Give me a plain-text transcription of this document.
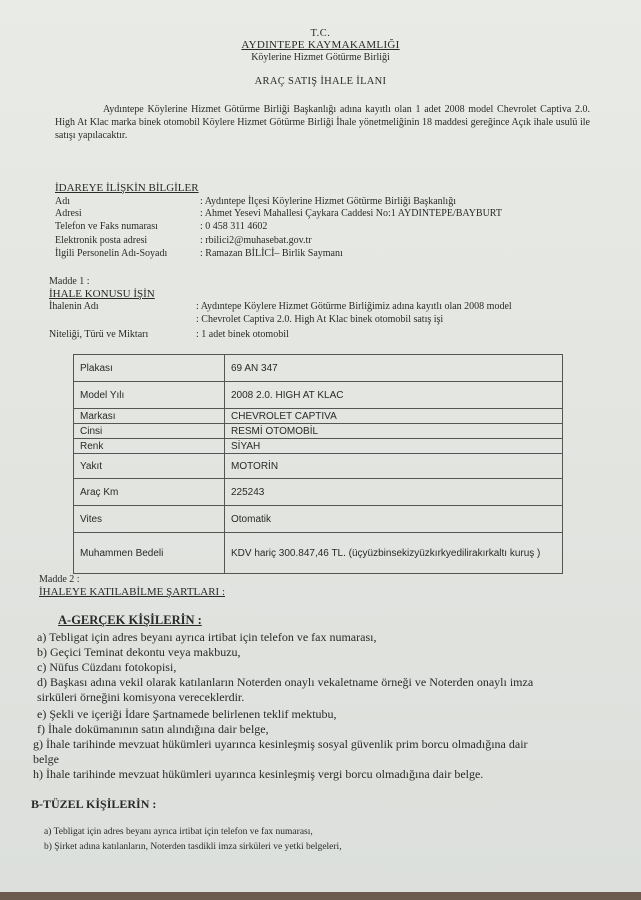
T.C.
AYDINTEPE KAYMAKAMLIĞI
Köylerine Hizmet Götürme Birliği
ARAÇ SATIŞ İHALE İLANI
Aydıntepe Köylerine Hizmet Götürme Birliği Başkanlığı adına kayıtlı olan 1 adet 2008 model Chevrolet Captiva 2.0. High At Klac marka binek otomobil Köylere Hizmet Götürme Birliği İhale yönetmeliğinin 18 maddesi gereğince Açık ihale usulü ile satışı yapılacaktır.
İDAREYE İLİŞKİN BİLGİLER
Adı	: Aydıntepe İlçesi Köylerine Hizmet Götürme Birliği Başkanlığı
Adresi	: Ahmet Yesevi Mahallesi Çaykara Caddesi No:1 AYDINTEPE/BAYBURT
Telefon ve Faks numarası	: 0 458 311 4602
Elektronik posta adresi	: rbilici2@muhasebat.gov.tr
İlgili Personelin Adı-Soyadı	: Ramazan BİLİCİ– Birlik Saymanı
Madde 1 :
İHALE KONUSU İŞİN
İhalenin Adı	: Aydıntepe Köylere Hizmet Götürme Birliğimiz adına kayıtlı olan 2008 model
: Chevrolet Captiva 2.0. High At Klac binek otomobil satış işi
Niteliği, Türü ve Miktarı	: 1 adet binek otomobil
Plakası	69 AN 347
Model Yılı	2008 2.0. HIGH AT KLAC
Markası	CHEVROLET CAPTIVA
Cinsi	RESMİ OTOMOBİL
Renk	SİYAH
Yakıt	MOTORİN
Araç Km	225243
Vites	Otomatik
Muhammen Bedeli	KDV hariç 300.847,46 TL. (üçyüzbinsekizyüzkırkyedilirakırkaltı kuruş )
Madde 2 :
İHALEYE KATILABİLME ŞARTLARI :
A-GERÇEK KİŞİLERİN :
a) Tebligat için adres beyanı ayrıca irtibat için telefon ve fax numarası,
b) Geçici Teminat dekontu veya makbuzu,
c) Nüfus Cüzdanı fotokopisi,
d) Başkası adına vekil olarak katılanların Noterden onaylı vekaletname örneği ve Noterden onaylı imza
sirküleri örneğini komisyona vereceklerdir.
e) Şekli ve içeriği İdare Şartnamede belirlenen teklif mektubu,
f) İhale dokümanının satın alındığına dair belge,
g) İhale tarihinde mevzuat hükümleri uyarınca kesinleşmiş sosyal güvenlik prim borcu olmadığına dair
belge
h) İhale tarihinde mevzuat hükümleri uyarınca kesinleşmiş vergi borcu olmadığına dair belge.
B-TÜZEL KİŞİLERİN :
a) Tebligat için adres beyanı ayrıca irtibat için telefon ve fax numarası,
b) Şirket adına katılanların, Noterden tasdikli imza sirküleri ve yetki belgeleri,
